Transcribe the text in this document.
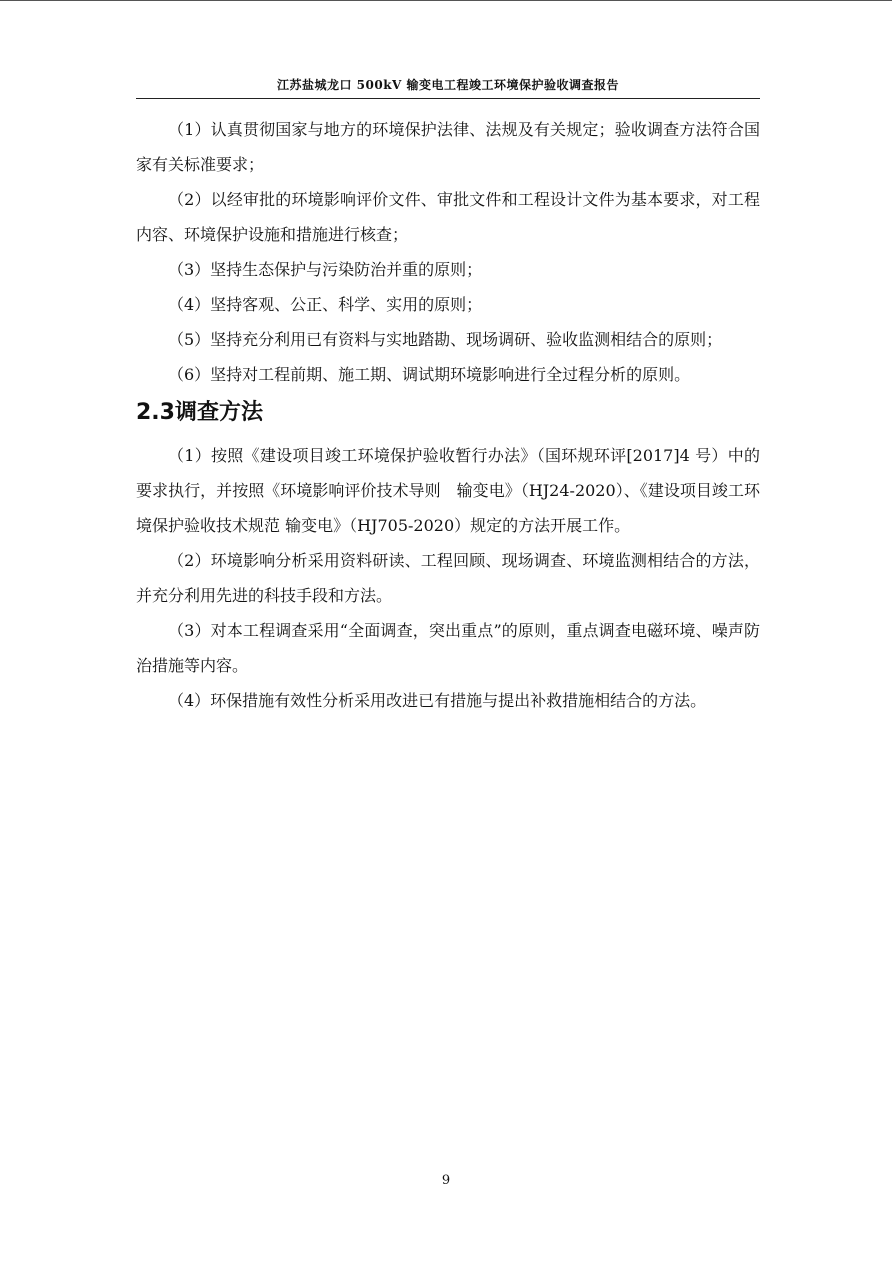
江苏盐城龙口 500kV 输变电工程竣工环境保护验收调查报告

（1）认真贯彻国家与地方的环境保护法律、法规及有关规定；验收调查方法符合国家有关标准要求；

（2）以经审批的环境影响评价文件、审批文件和工程设计文件为基本要求，对工程内容、环境保护设施和措施进行核查；

（3）坚持生态保护与污染防治并重的原则；

（4）坚持客观、公正、科学、实用的原则；

（5）坚持充分利用已有资料与实地踏勘、现场调研、验收监测相结合的原则；

（6）坚持对工程前期、施工期、调试期环境影响进行全过程分析的原则。

2.3调查方法

（1）按照《建设项目竣工环境保护验收暂行办法》（国环规环评[2017]4 号）中的要求执行，并按照《环境影响评价技术导则　输变电》（HJ24-2020）、《建设项目竣工环境保护验收技术规范 输变电》（HJ705-2020）规定的方法开展工作。

（2）环境影响分析采用资料研读、工程回顾、现场调查、环境监测相结合的方法，并充分利用先进的科技手段和方法。

（3）对本工程调查采用“全面调查，突出重点”的原则，重点调查电磁环境、噪声防治措施等内容。

（4）环保措施有效性分析采用改进已有措施与提出补救措施相结合的方法。

9
